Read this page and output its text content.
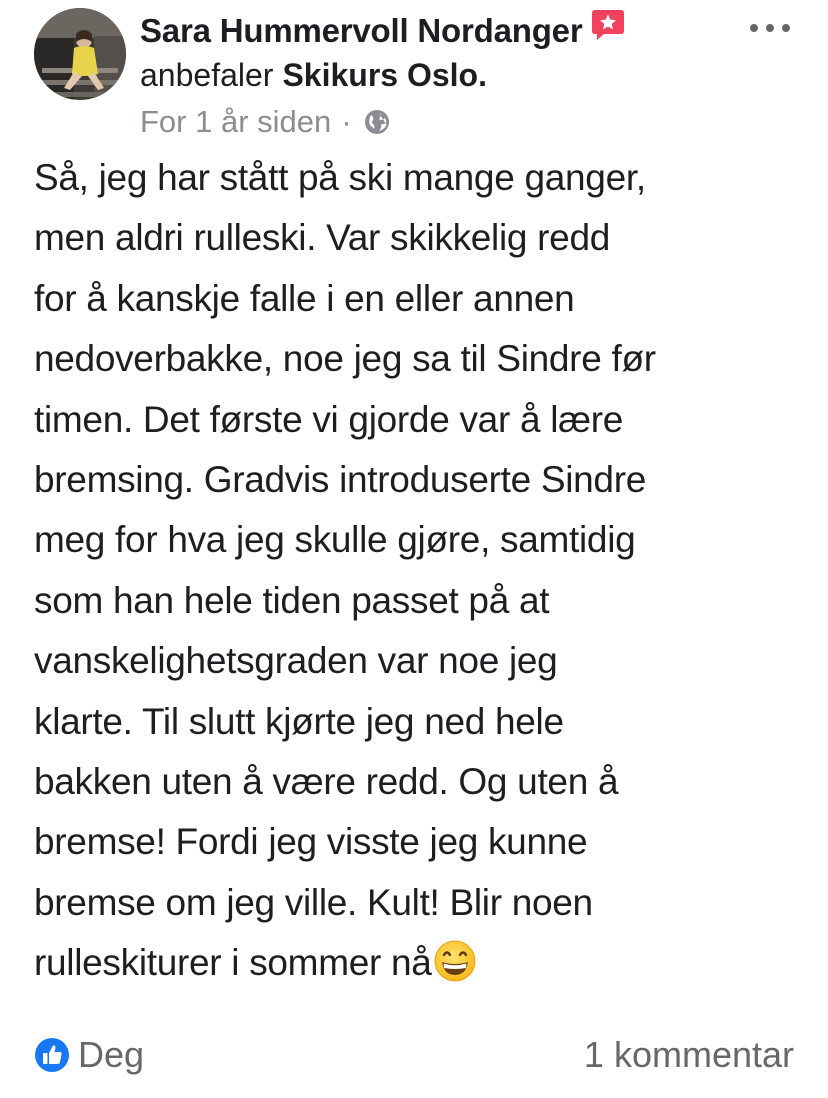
Sara Hummervoll Nordanger
anbefaler Skikurs Oslo.
For 1 år siden ·
Så, jeg har stått på ski mange ganger,
men aldri rulleski. Var skikkelig redd
for å kanskje falle i en eller annen
nedoverbakke, noe jeg sa til Sindre før
timen. Det første vi gjorde var å lære
bremsing. Gradvis introduserte Sindre
meg for hva jeg skulle gjøre, samtidig
som han hele tiden passet på at
vanskelighetsgraden var noe jeg
klarte. Til slutt kjørte jeg ned hele
bakken uten å være redd. Og uten å
bremse! Fordi jeg visste jeg kunne
bremse om jeg ville. Kult! Blir noen
rulleskiturer i sommer nå
Deg	1 kommentar
